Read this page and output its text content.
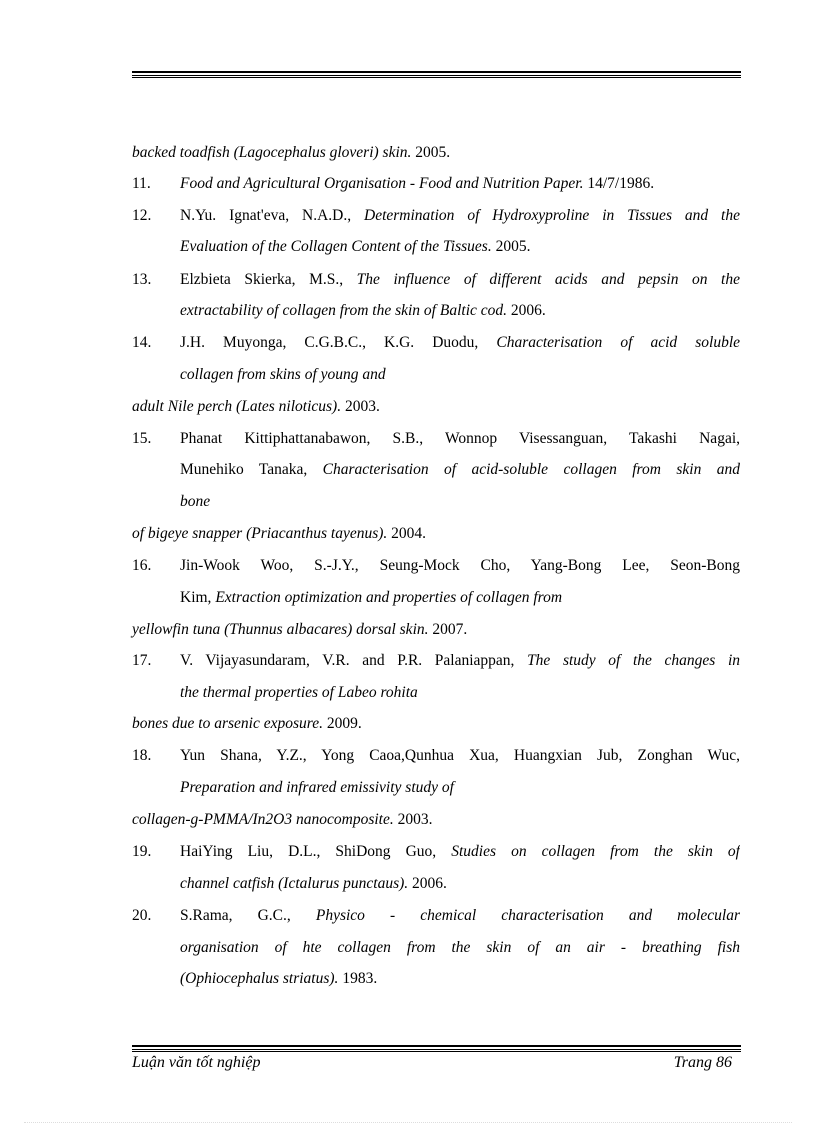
backed toadfish (Lagocephalus gloveri) skin. 2005.
11. Food and Agricultural Organisation - Food and Nutrition Paper. 14/7/1986.
12. N.Yu. Ignat'eva, N.A.D., Determination of Hydroxyproline in Tissues and the
Evaluation of the Collagen Content of the Tissues. 2005.
13. Elzbieta Skierka, M.S., The influence of different acids and pepsin on the
extractability of collagen from the skin of Baltic cod. 2006.
14. J.H. Muyonga, C.G.B.C., K.G. Duodu, Characterisation of acid soluble
collagen from skins of young and
adult Nile perch (Lates niloticus). 2003.
15. Phanat Kittiphattanabawon, S.B., Wonnop Visessanguan, Takashi Nagai,
Munehiko Tanaka, Characterisation of acid-soluble collagen from skin and
bone
of bigeye snapper (Priacanthus tayenus). 2004.
16. Jin-Wook Woo, S.-J.Y., Seung-Mock Cho, Yang-Bong Lee, Seon-Bong
Kim, Extraction optimization and properties of collagen from
yellowfin tuna (Thunnus albacares) dorsal skin. 2007.
17. V. Vijayasundaram, V.R. and P.R. Palaniappan, The study of the changes in
the thermal properties of Labeo rohita
bones due to arsenic exposure. 2009.
18. Yun Shana, Y.Z., Yong Caoa,Qunhua Xua, Huangxian Jub, Zonghan Wuc,
Preparation and infrared emissivity study of
collagen-g-PMMA/In2O3 nanocomposite. 2003.
19. HaiYing Liu, D.L., ShiDong Guo, Studies on collagen from the skin of
channel catfish (Ictalurus punctaus). 2006.
20. S.Rama, G.C., Physico - chemical characterisation and molecular
organisation of hte collagen from the skin of an air - breathing fish
(Ophiocephalus striatus). 1983.
Luận văn tốt nghiệp	Trang 86
